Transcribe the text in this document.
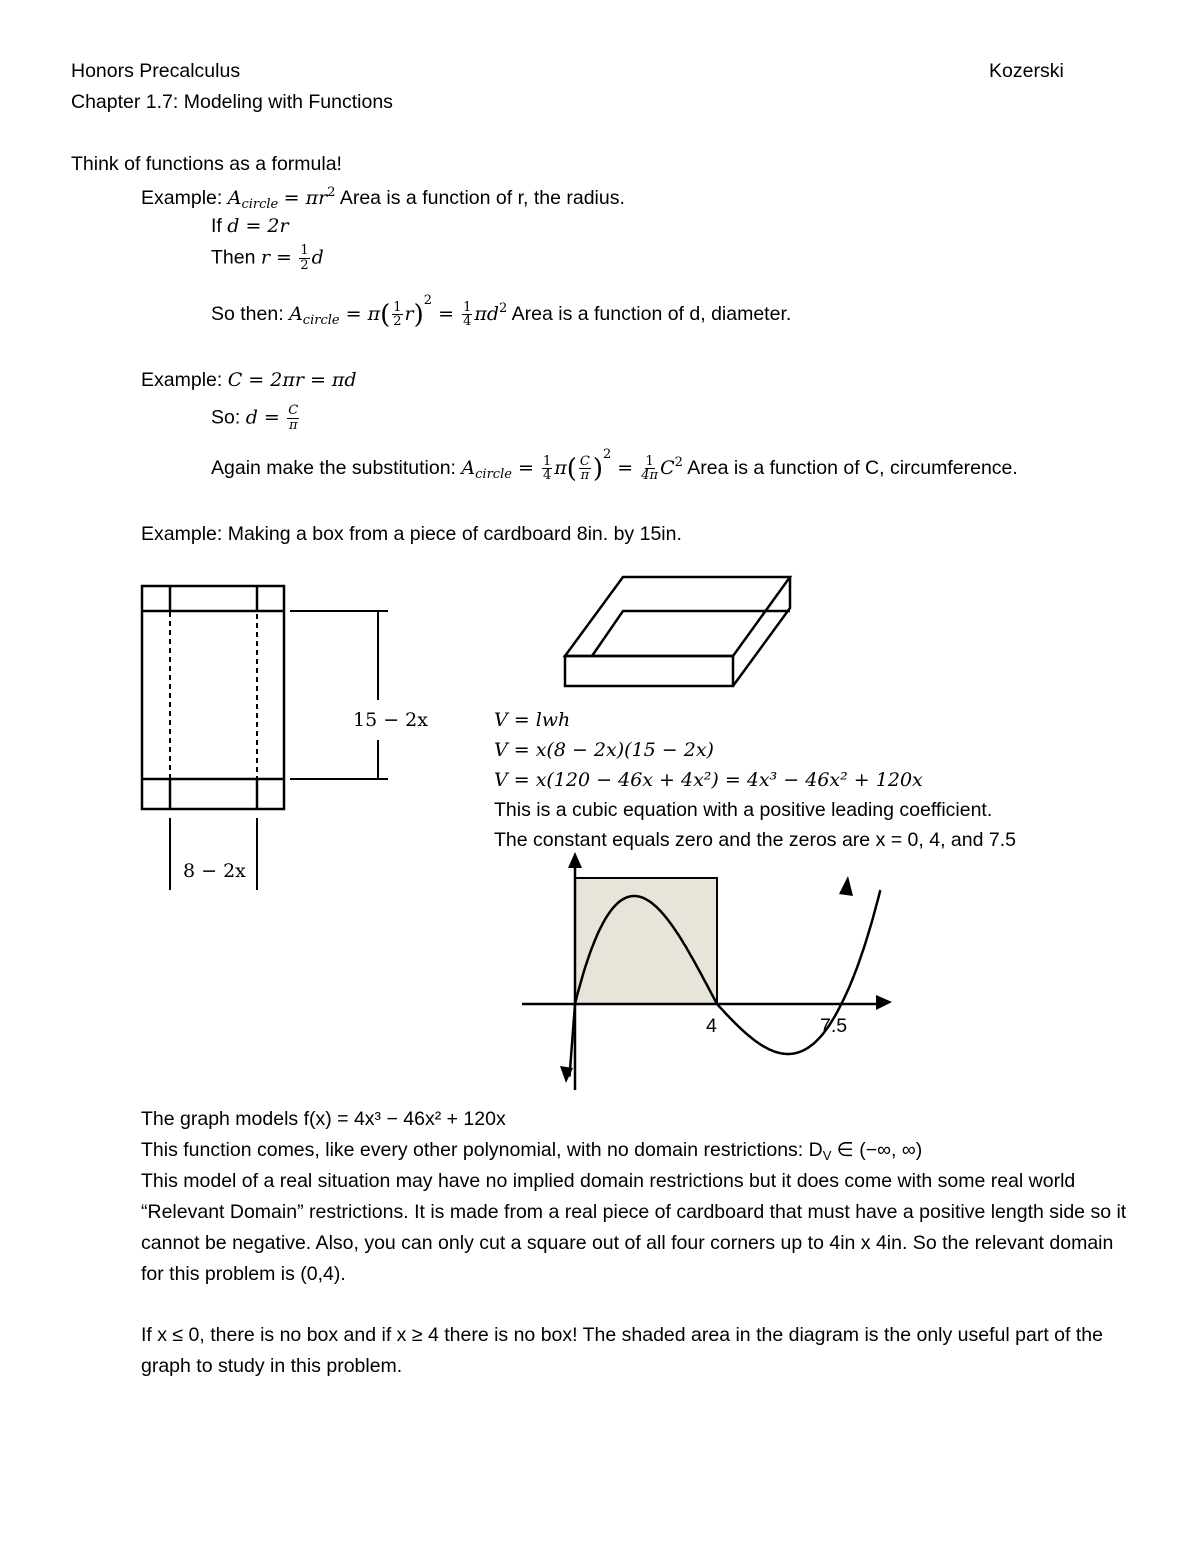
Honors Precalculus	Kozerski
Chapter 1.7: Modeling with Functions
Think of functions as a formula!
Example: $A_{circle} = \pi r^2$ Area is a function of r, the radius.
If d = 2r
Then $r = \frac{1}{2}$ d
So then: $A_{circle} = \pi( \frac{1}{2} r)^2 = \frac{1}{4} \pi d^2$ Area is a function of d, diameter.
Example: C = 2πr = πd
So: $d = \frac{C}{\pi}$
Again make the substitution: $A_{circle} = \frac{1}{4} \pi( \frac{C}{\pi} )^2 = \frac{1}{4\pi} C^2$ Area is a function of C, circumference.
Example: Making a box from a piece of cardboard 8in. by 15in.
15 − 2x
8 − 2x
V = lwh
V = x(8 − 2x)(15 − 2x)
V = x(120 − 46x + 4x²) = 4x³ − 46x² + 120x
This is a cubic equation with a positive leading coefficient.
The constant equals zero and the zeros are x = 0, 4, and 7.5
4	7.5
The graph models f(x) = 4x³ − 46x² + 120x
This function comes, like every other polynomial, with no domain restrictions: $D_V$ ∈ (−∞, ∞)
This model of a real situation may have no implied domain restrictions but it does come with some real world “Relevant Domain” restrictions. It is made from a real piece of cardboard that must have a positive length side so it cannot be negative. Also, you can only cut a square out of all four corners up to 4in x 4in. So the relevant domain for this problem is (0,4).
If x ≤ 0, there is no box and if x ≥ 4 there is no box! The shaded area in the diagram is the only useful part of the graph to study in this problem.
